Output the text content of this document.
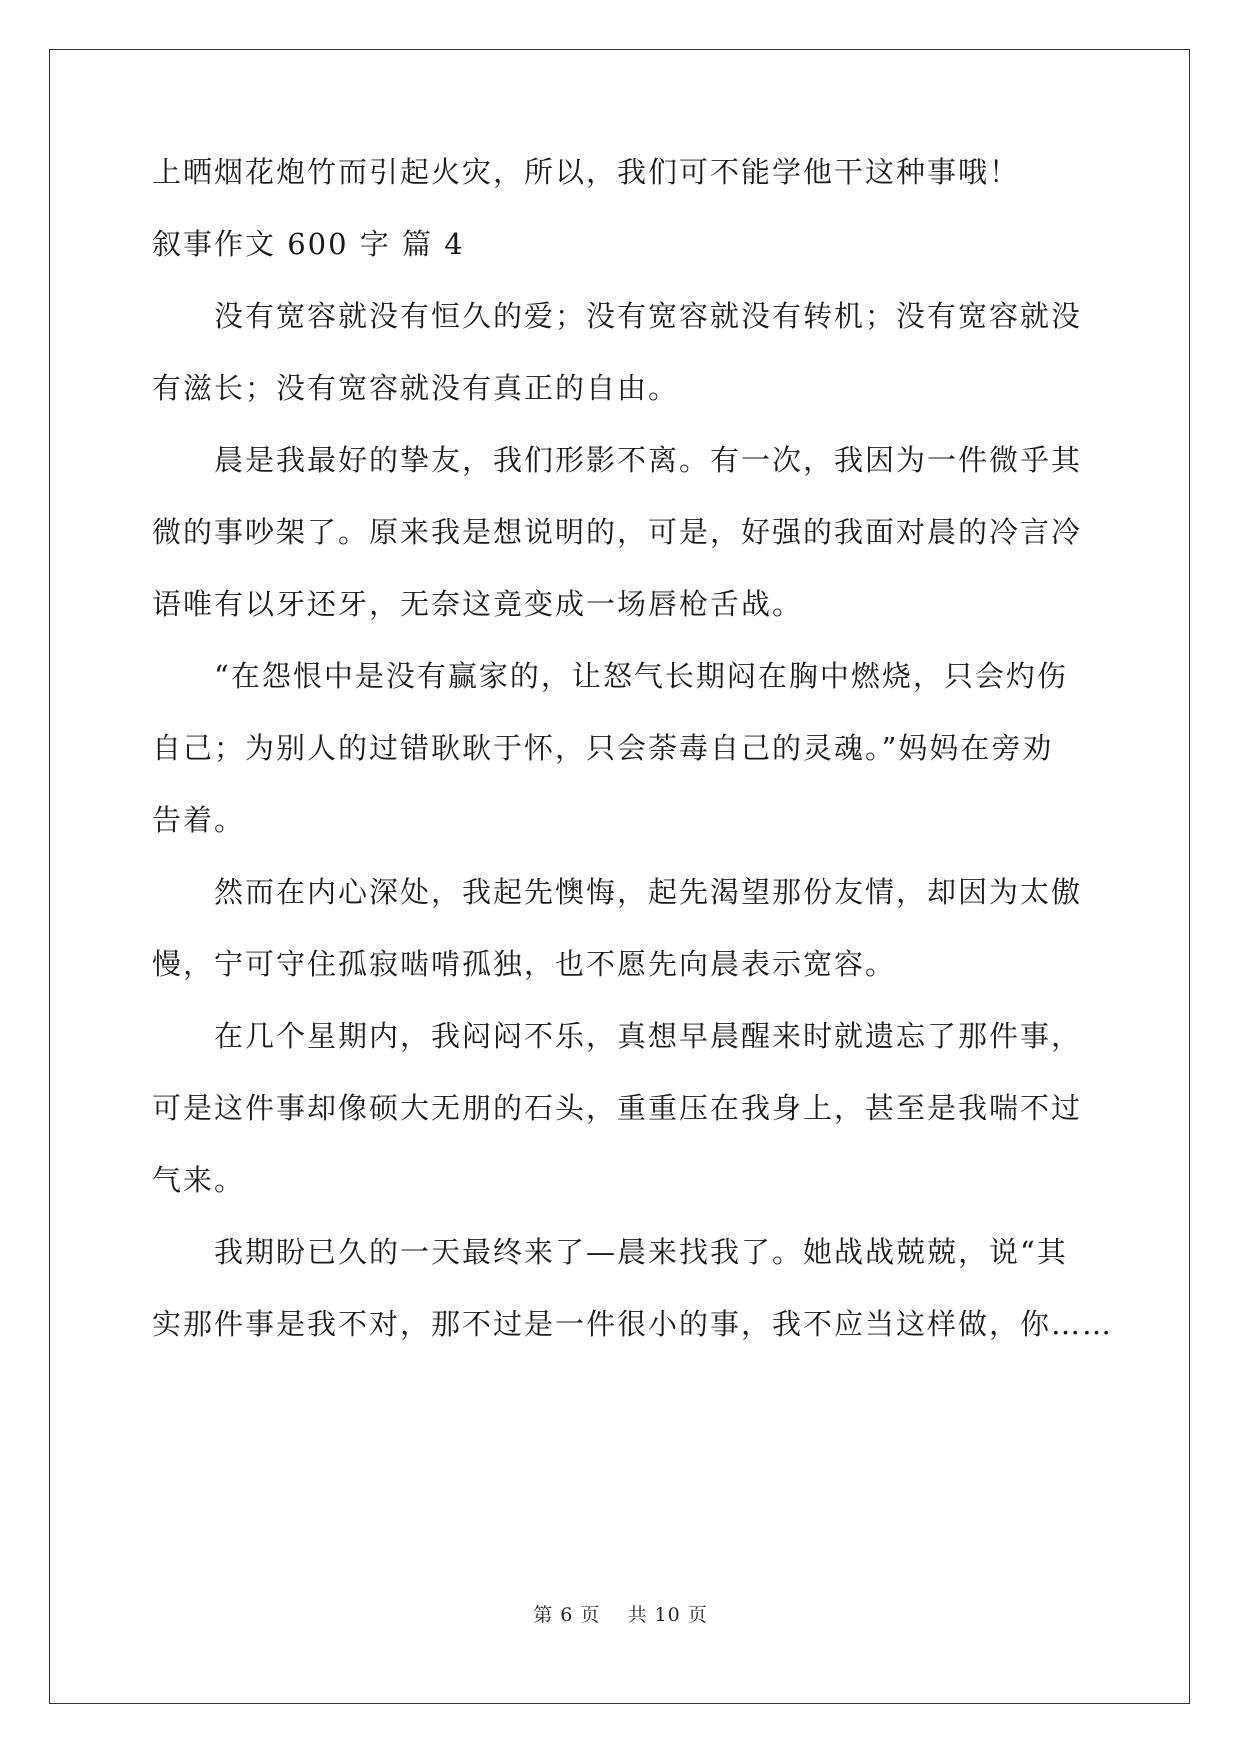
上晒烟花炮竹而引起火灾，所以，我们可不能学他干这种事哦！
叙事作文 600 字 篇 4
　　没有宽容就没有恒久的爱；没有宽容就没有转机；没有宽容就没
有滋长；没有宽容就没有真正的自由。
　　晨是我最好的挚友，我们形影不离。有一次，我因为一件微乎其
微的事吵架了。原来我是想说明的，可是，好强的我面对晨的冷言冷
语唯有以牙还牙，无奈这竟变成一场唇枪舌战。
　　“在怨恨中是没有赢家的，让怒气长期闷在胸中燃烧，只会灼伤
自己；为别人的过错耿耿于怀，只会荼毒自己的灵魂。”妈妈在旁劝
告着。
　　然而在内心深处，我起先懊悔，起先渴望那份友情，却因为太傲
慢，宁可守住孤寂啮啃孤独，也不愿先向晨表示宽容。
　　在几个星期内，我闷闷不乐，真想早晨醒来时就遗忘了那件事，
可是这件事却像硕大无朋的石头，重重压在我身上，甚至是我喘不过
气来。
　　我期盼已久的一天最终来了—晨来找我了。她战战兢兢，说“其
实那件事是我不对，那不过是一件很小的事，我不应当这样做，你……
第 6 页　 共 10 页
